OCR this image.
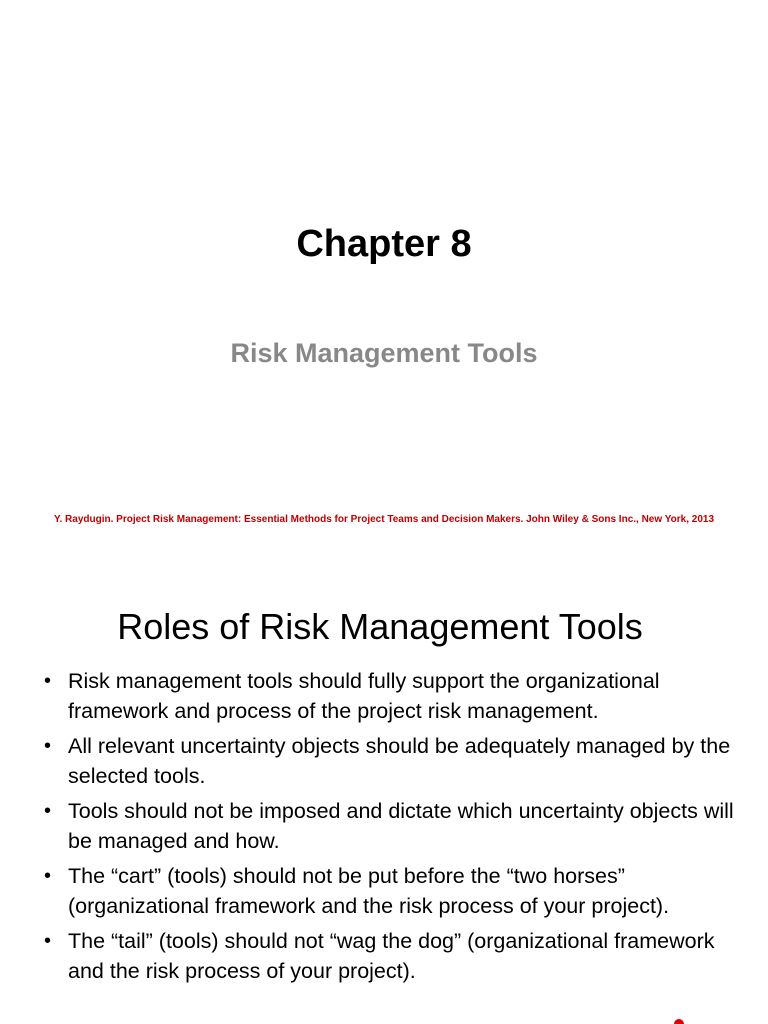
Chapter 8
Risk Management Tools

Y. Raydugin. Project Risk Management: Essential Methods for Project Teams and Decision Makers. John Wiley & Sons Inc., New York, 2013

Roles of Risk Management Tools
• Risk management tools should fully support the organizational framework and process of the project risk management.
• All relevant uncertainty objects should be adequately managed by the selected tools.
• Tools should not be imposed and dictate which uncertainty objects will be managed and how.
• The “cart” (tools) should not be put before the “two horses” (organizational framework and the risk process of your project).
• The “tail” (tools) should not “wag the dog” (organizational framework and the risk process of your project).
